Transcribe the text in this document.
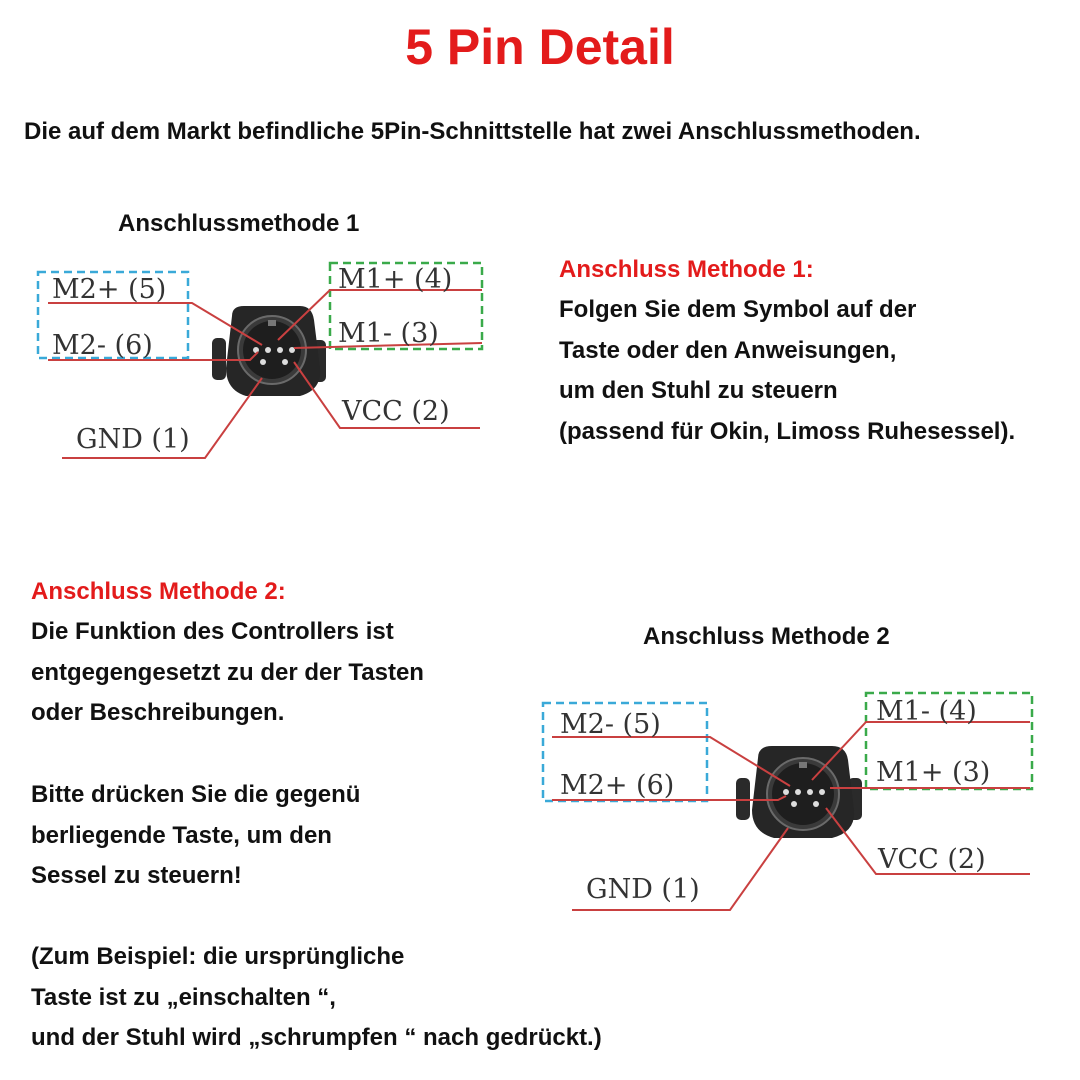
5 Pin Detail
Die auf dem Markt befindliche 5Pin-Schnittstelle hat zwei Anschlussmethoden.
Anschlussmethode 1
M2+ (5)
M2- (6)
M1+ (4)
M1- (3)
VCC (2)
GND (1)
Anschluss Methode 1:
Folgen Sie dem Symbol auf der
Taste oder den Anweisungen,
um den Stuhl zu steuern
(passend für Okin, Limoss Ruhesessel).
Anschluss Methode 2:
Die Funktion des Controllers ist
entgegengesetzt zu der der Tasten
oder Beschreibungen.
Bitte drücken Sie die gegenü
berliegende Taste, um den
Sessel zu steuern!
(Zum Beispiel: die ursprüngliche
Taste ist zu „einschalten “,
und der Stuhl wird „schrumpfen “ nach gedrückt.)
Anschluss Methode 2
M2- (5)
M2+ (6)
M1- (4)
M1+ (3)
VCC (2)
GND (1)
